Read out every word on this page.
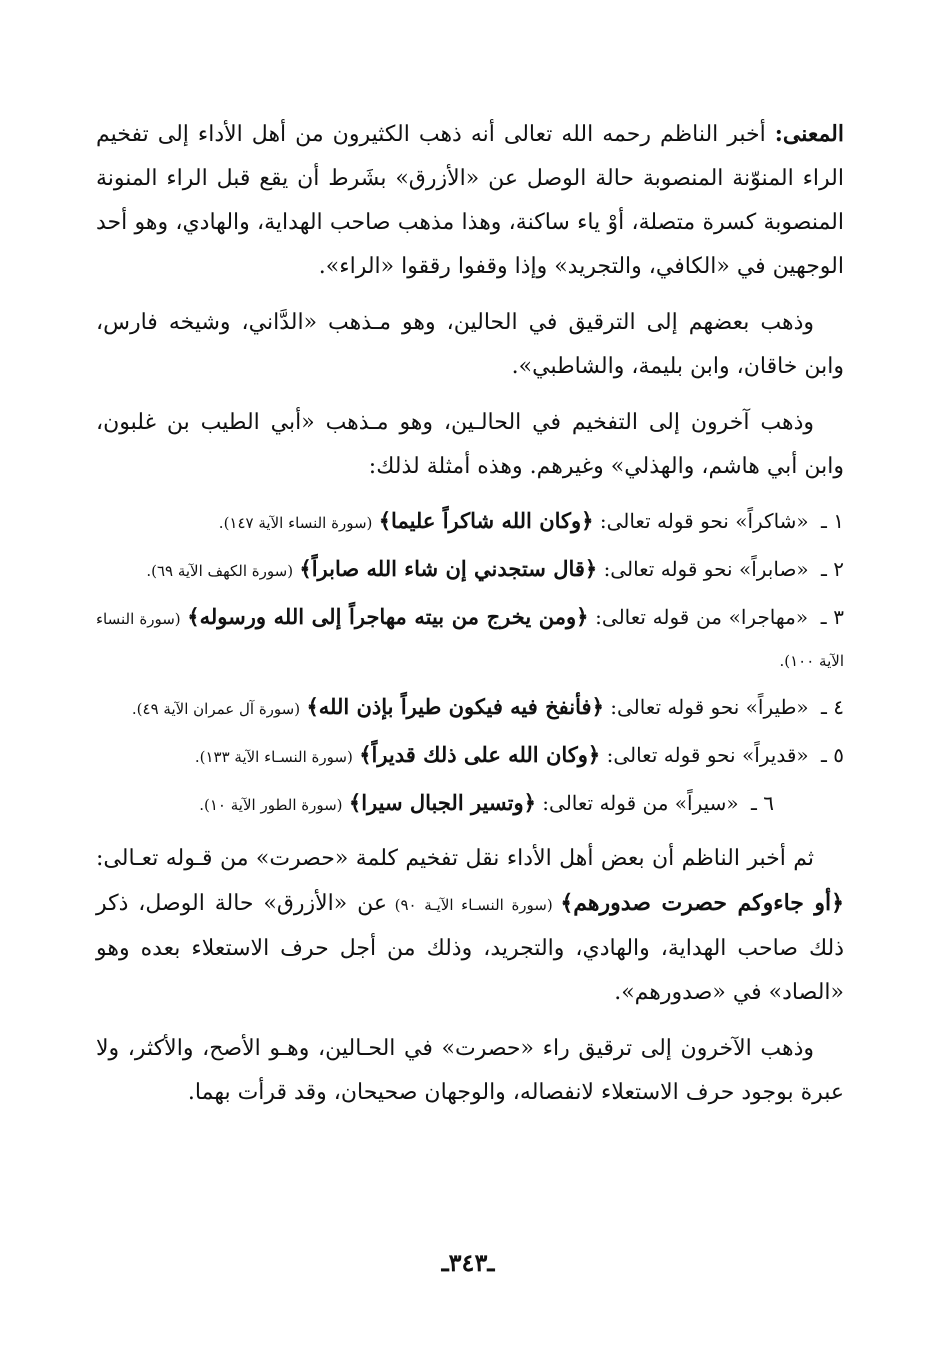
المعنى: أخبر الناظم رحمه الله تعالى أنه ذهب الكثيرون من أهل الأداء إلى تفخيم الراء المنوّنة المنصوبة حالة الوصل عن «الأزرق» بشَرط أن يقع قبل الراء المنونة المنصوبة كسرة متصلة، أوْ ياء ساكنة، وهذا مذهب صاحب الهداية، والهادي، وهو أحد الوجهين في «الكافي، والتجريد» وإذا وقفوا رققوا «الراء».

وذهب بعضهم إلى الترقيق في الحالين، وهو مـذهب «الدَّاني، وشيخه فارس، وابن خاقان، وابن بليمة، والشاطبي».

وذهب آخرون إلى التفخيم في الحالـين، وهو مـذهب «أبي الطيب بن غلبون، وابن أبي هاشم، والهذلي» وغيرهم. وهذه أمثلة لذلك:

١ ـ «شاكراً» نحو قوله تعالى: ﴿وكان الله شاكراً عليما﴾ (سورة النساء الآية ١٤٧).
٢ ـ «صابراً» نحو قوله تعالى: ﴿قال ستجدني إن شاء الله صابراً﴾ (سورة الكهف الآية ٦٩).
٣ ـ «مهاجرا» من قوله تعالى: ﴿ومن يخرج من بيته مهاجراً إلى الله ورسوله﴾ (سورة النساء الآية ١٠٠).
٤ ـ «طيراً» نحو قوله تعالى: ﴿فأنفخ فيه فيكون طيراً بإذن الله﴾ (سورة آل عمران الآية ٤٩).
٥ ـ «قديراً» نحو قوله تعالى: ﴿وكان الله على ذلك قديراً﴾ (سورة النسـاء الآية ١٣٣).
٦ ـ «سيراً» من قوله تعالى: ﴿وتسير الجبال سيرا﴾ (سورة الطور الآية ١٠).

ثم أخبر الناظم أن بعض أهل الأداء نقل تفخيم كلمة «حصرت» من قـوله تعـالى: ﴿أو جاءوكم حصرت صدورهم﴾ (سورة النسـاء الآيـة ٩٠) عن «الأزرق» حالة الوصل، ذكر ذلك صاحب الهداية، والهادي، والتجريد، وذلك من أجل حرف الاستعلاء بعده وهو «الصاد» في «صدورهم».

وذهب الآخرون إلى ترقيق راء «حصرت» في الحـالين، وهـو الأصح، والأكثر، ولا عبرة بوجود حرف الاستعلاء لانفصاله، والوجهان صحيحان، وقد قرأت بهما.

ـ٣٤٣ـ
